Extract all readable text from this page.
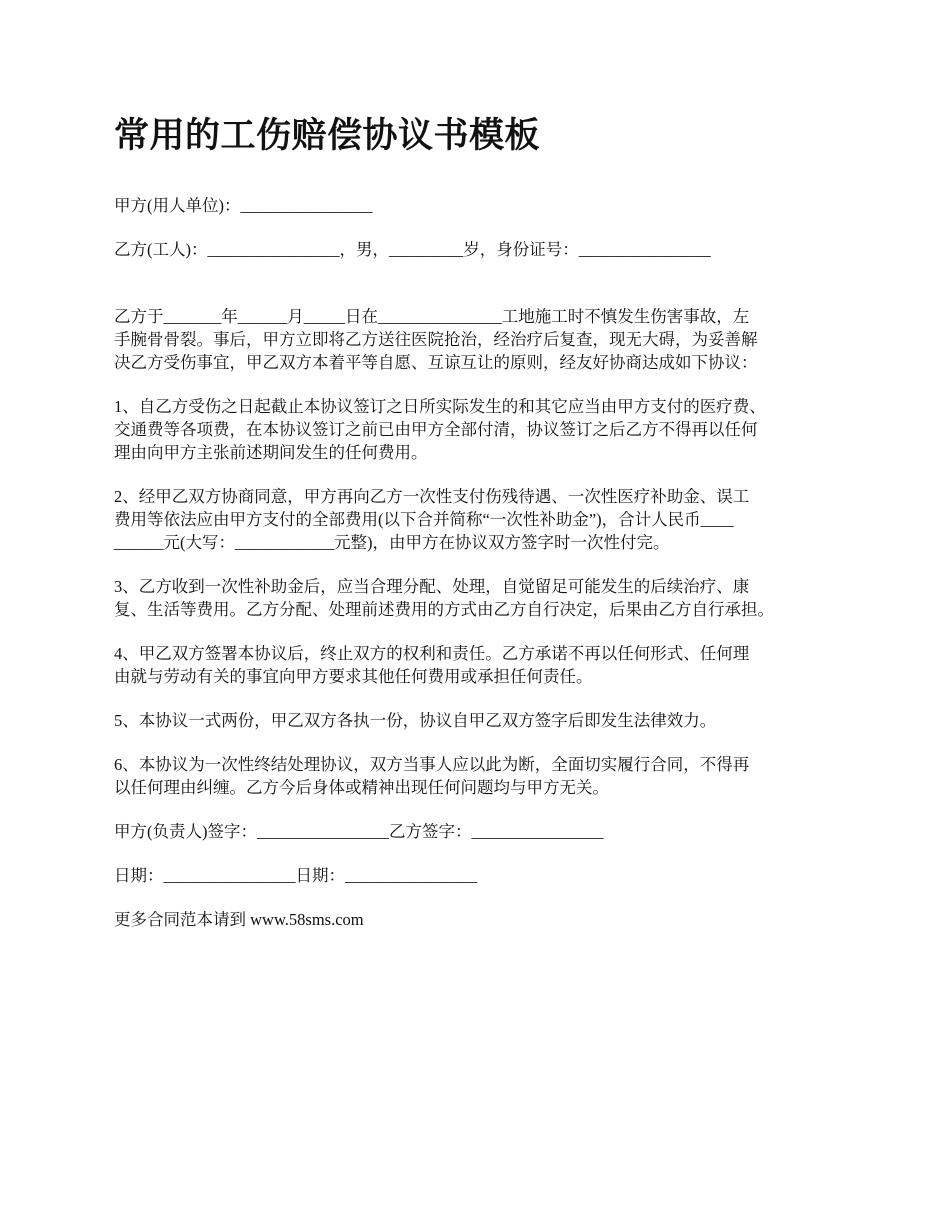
常用的工伤赔偿协议书模板

甲方(用人单位)：________________

乙方(工人)：________________，男，_________岁，身份证号：________________

乙方于_______年______月_____日在_______________工地施工时不慎发生伤害事故，左
手腕骨骨裂。事后，甲方立即将乙方送往医院抢治，经治疗后复查，现无大碍，为妥善解
决乙方受伤事宜，甲乙双方本着平等自愿、互谅互让的原则，经友好协商达成如下协议：

1、自乙方受伤之日起截止本协议签订之日所实际发生的和其它应当由甲方支付的医疗费、
交通费等各项费，在本协议签订之前已由甲方全部付清，协议签订之后乙方不得再以任何
理由向甲方主张前述期间发生的任何费用。

2、经甲乙双方协商同意，甲方再向乙方一次性支付伤残待遇、一次性医疗补助金、误工
费用等依法应由甲方支付的全部费用(以下合并简称“一次性补助金”)，合计人民币____
______元(大写：____________元整)，由甲方在协议双方签字时一次性付完。

3、乙方收到一次性补助金后，应当合理分配、处理，自觉留足可能发生的后续治疗、康
复、生活等费用。乙方分配、处理前述费用的方式由乙方自行决定，后果由乙方自行承担。

4、甲乙双方签署本协议后，终止双方的权利和责任。乙方承诺不再以任何形式、任何理
由就与劳动有关的事宜向甲方要求其他任何费用或承担任何责任。

5、本协议一式两份，甲乙双方各执一份，协议自甲乙双方签字后即发生法律效力。

6、本协议为一次性终结处理协议，双方当事人应以此为断，全面切实履行合同，不得再
以任何理由纠缠。乙方今后身体或精神出现任何问题均与甲方无关。

甲方(负责人)签字：________________乙方签字：________________

日期：________________日期：________________

更多合同范本请到 www.58sms.com
